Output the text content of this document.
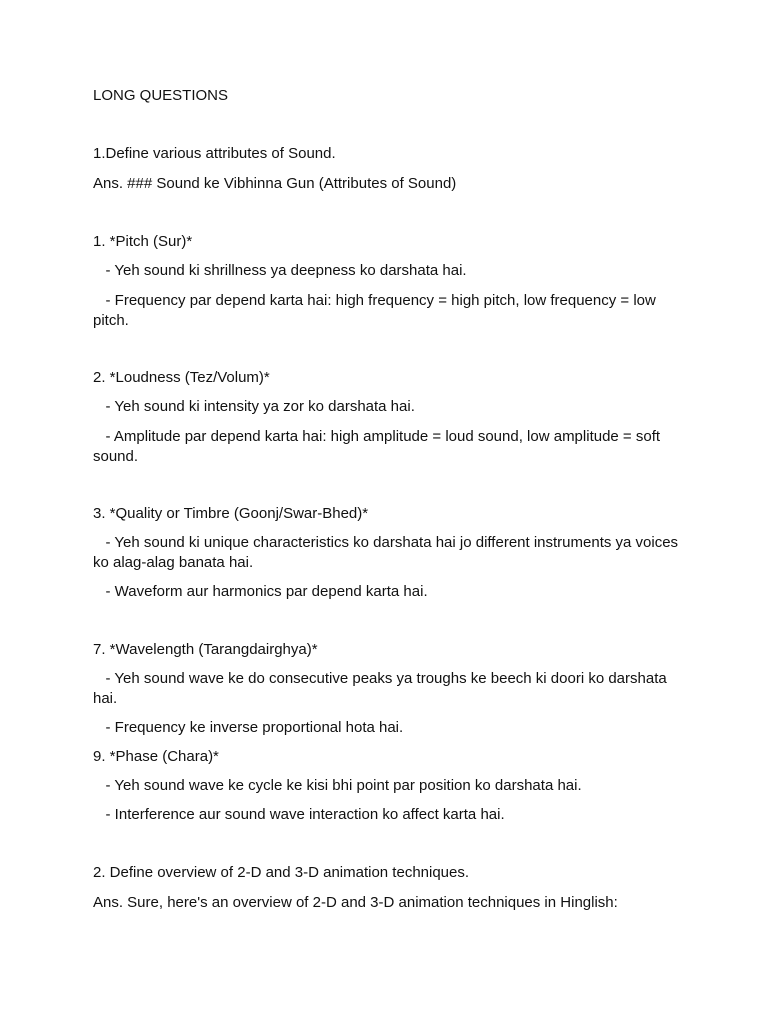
LONG QUESTIONS
1.Define various attributes of Sound.
Ans. ### Sound ke Vibhinna Gun (Attributes of Sound)
1. *Pitch (Sur)*
- Yeh sound ki shrillness ya deepness ko darshata hai.
- Frequency par depend karta hai: high frequency = high pitch, low frequency = low pitch.
2. *Loudness (Tez/Volum)*
- Yeh sound ki intensity ya zor ko darshata hai.
- Amplitude par depend karta hai: high amplitude = loud sound, low amplitude = soft sound.
3. *Quality or Timbre (Goonj/Swar-Bhed)*
- Yeh sound ki unique characteristics ko darshata hai jo different instruments ya voices ko alag-alag banata hai.
- Waveform aur harmonics par depend karta hai.
7. *Wavelength (Tarangdairghya)*
- Yeh sound wave ke do consecutive peaks ya troughs ke beech ki doori ko darshata hai.
- Frequency ke inverse proportional hota hai.
9. *Phase (Chara)*
- Yeh sound wave ke cycle ke kisi bhi point par position ko darshata hai.
- Interference aur sound wave interaction ko affect karta hai.
2. Define overview of 2-D and 3-D animation techniques.
Ans. Sure, here's an overview of 2-D and 3-D animation techniques in Hinglish:
